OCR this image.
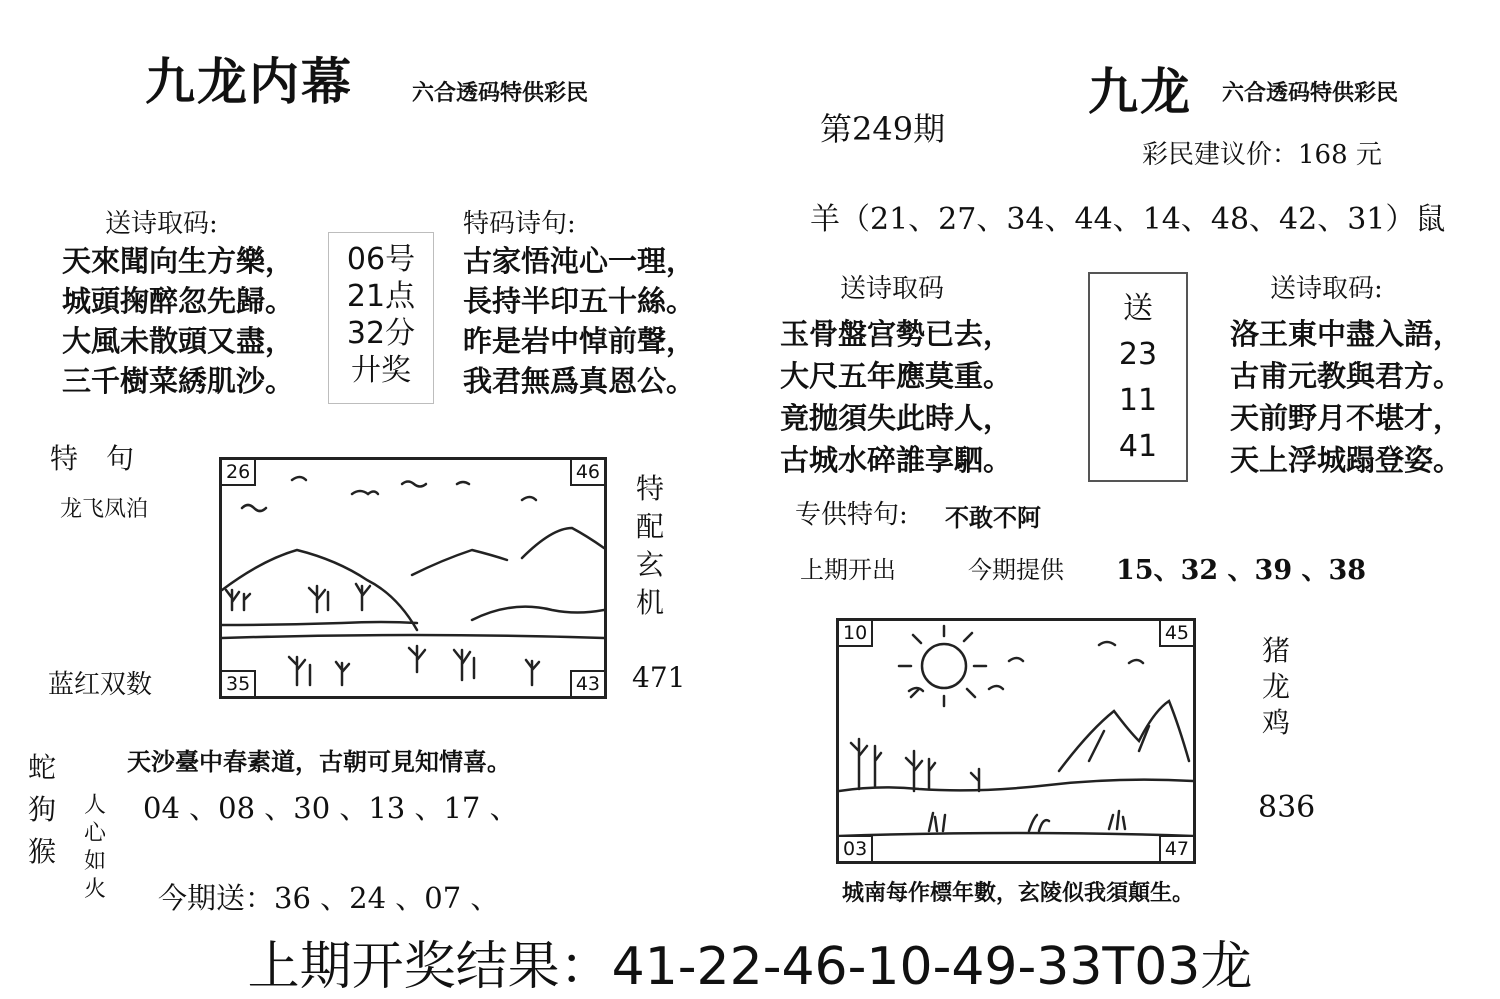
九龙内幕	六合透码特供彩民
送诗取码:
天來聞向生方樂，
城頭掬醉忽先歸。
大風未散頭又盡，
三千樹菜綉肌沙。
06号
21点
32分
廾奖
特码诗句:
古家悟沌心一理，
長持半印五十絲。
昨是岩中悼前聲，
我君無爲真恩公。
特　句
龙飞凤泊
蓝红双数
26	46
35	43
特
配
玄
机
471
蛇
狗
猴
人
心
如
火
天沙臺中春素道，古朝可見知情喜。
04 、08 、30 、13 、17 、
今期送：36 、24 、07 、
第249期
九龙 六合透码特供彩民
彩民建议价：168 元
羊（21、27、34、44、14、48、42、31）鼠
送诗取码
玉骨盤宫勢已去，
大尺五年應莫重。
竟抛須失此時人，
古城水碎誰享駟。
送
23
11
41
送诗取码:
洛王東中盡入語，
古甫元教與君方。
天前野月不堪才，
天上浮城蹋登姿。
专供特句: 不敢不阿
上期开出	今期提供 15、32 、39 、38
10	45
03	47
猪
龙
鸡
836
城南每作標年數，玄陵似我須顛生。
上期开奖结果：41-22-46-10-49-33T03龙
